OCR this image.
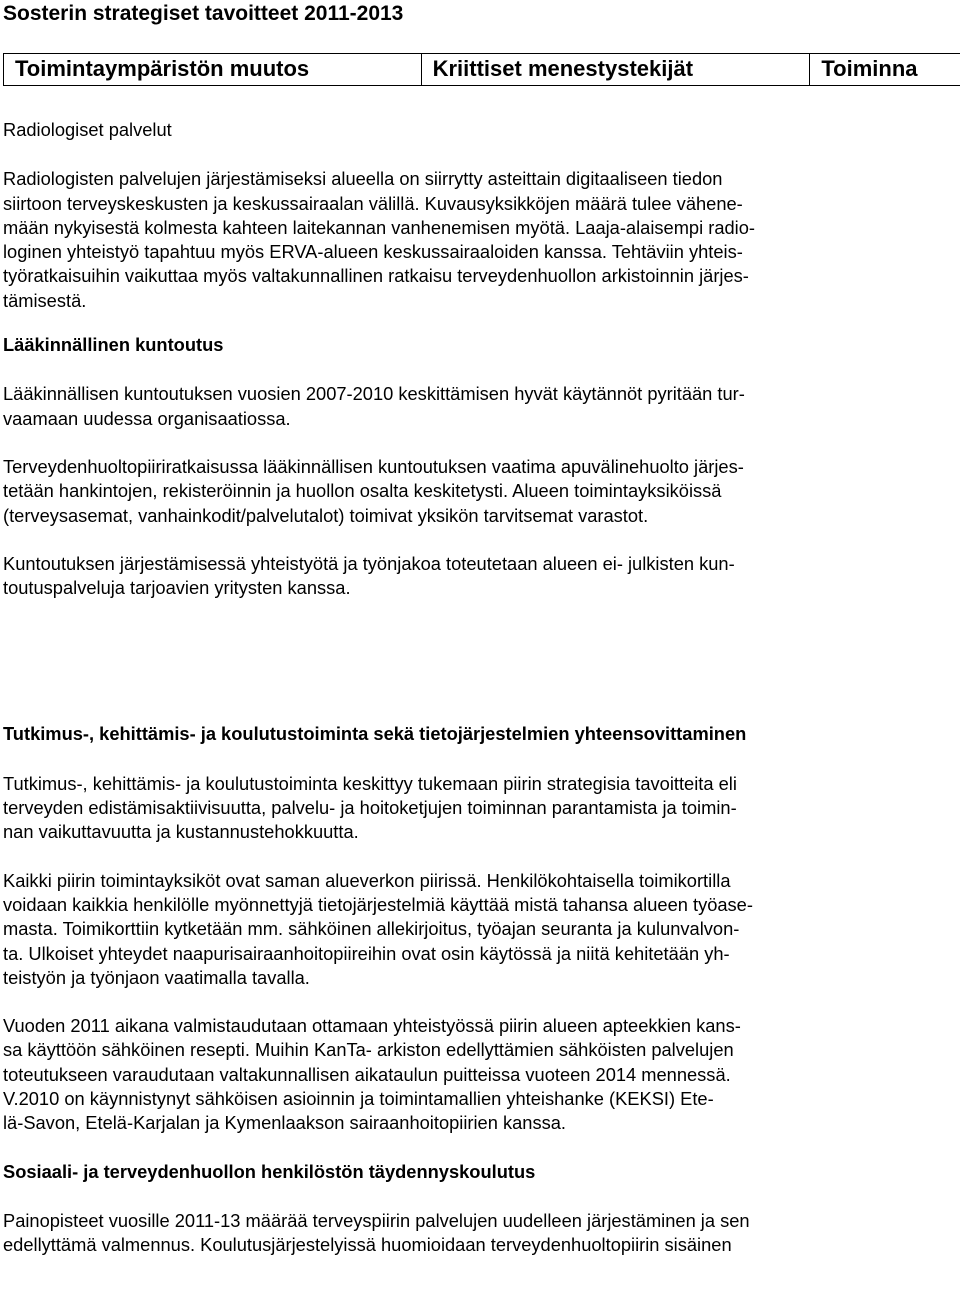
Sosterin strategiset tavoitteet 2011-2013
Toimintaympäristön muutos	Kriittiset menestystekijät	Toiminna

Radiologiset palvelut

Radiologisten palvelujen järjestämiseksi alueella on siirrytty asteittain digitaaliseen tiedon
siirtoon terveyskeskusten ja keskussairaalan välillä. Kuvausyksikköjen määrä tulee vähene-
mään nykyisestä kolmesta kahteen laitekannan vanhenemisen myötä. Laaja-alaisempi radio-
loginen yhteistyö tapahtuu myös ERVA-alueen keskussairaaloiden kanssa. Tehtäviin yhteis-
työratkaisuihin vaikuttaa myös valtakunnallinen ratkaisu terveydenhuollon arkistoinnin järjes-
tämisestä.

Lääkinnällinen kuntoutus

Lääkinnällisen kuntoutuksen vuosien 2007-2010 keskittämisen hyvät käytännöt pyritään tur-
vaamaan uudessa organisaatiossa.

Terveydenhuoltopiiriratkaisussa lääkinnällisen kuntoutuksen vaatima apuvälinehuolto järjes-
tetään hankintojen, rekisteröinnin ja huollon osalta keskitetysti. Alueen toimintayksiköissä
(terveysasemat, vanhainkodit/palvelutalot) toimivat yksikön tarvitsemat varastot.

Kuntoutuksen järjestämisessä yhteistyötä ja työnjakoa toteutetaan alueen ei- julkisten kun-
toutuspalveluja tarjoavien yritysten kanssa.

Tutkimus-, kehittämis- ja koulutustoiminta sekä tietojärjestelmien yhteensovittaminen

Tutkimus-, kehittämis- ja koulutustoiminta keskittyy tukemaan piirin strategisia tavoitteita eli
terveyden edistämisaktiivisuutta, palvelu- ja hoitoketjujen toiminnan parantamista ja toimin-
nan vaikuttavuutta ja kustannustehokkuutta.

Kaikki piirin toimintayksiköt ovat saman alueverkon piirissä. Henkilökohtaisella toimikortilla
voidaan kaikkia henkilölle myönnettyjä tietojärjestelmiä käyttää mistä tahansa alueen työase-
masta. Toimikorttiin kytketään mm. sähköinen allekirjoitus, työajan seuranta ja kulunvalvon-
ta. Ulkoiset yhteydet naapurisairaanhoitopiireihin ovat osin käytössä ja niitä kehitetään yh-
teistyön ja työnjaon vaatimalla tavalla.

Vuoden 2011 aikana valmistaudutaan ottamaan yhteistyössä piirin alueen apteekkien kans-
sa käyttöön sähköinen resepti. Muihin KanTa- arkiston edellyttämien sähköisten palvelujen
toteutukseen varaudutaan valtakunnallisen aikataulun puitteissa vuoteen 2014 mennessä.
V.2010 on käynnistynyt sähköisen asioinnin ja toimintamallien yhteishanke (KEKSI) Ete-
lä-Savon, Etelä-Karjalan ja Kymenlaakson sairaanhoitopiirien kanssa.

Sosiaali- ja terveydenhuollon henkilöstön täydennyskoulutus

Painopisteet vuosille 2011-13 määrää terveyspiirin palvelujen uudelleen järjestäminen ja sen
edellyttämä valmennus. Koulutusjärjestelyissä huomioidaan terveydenhuoltopiirin sisäinen
